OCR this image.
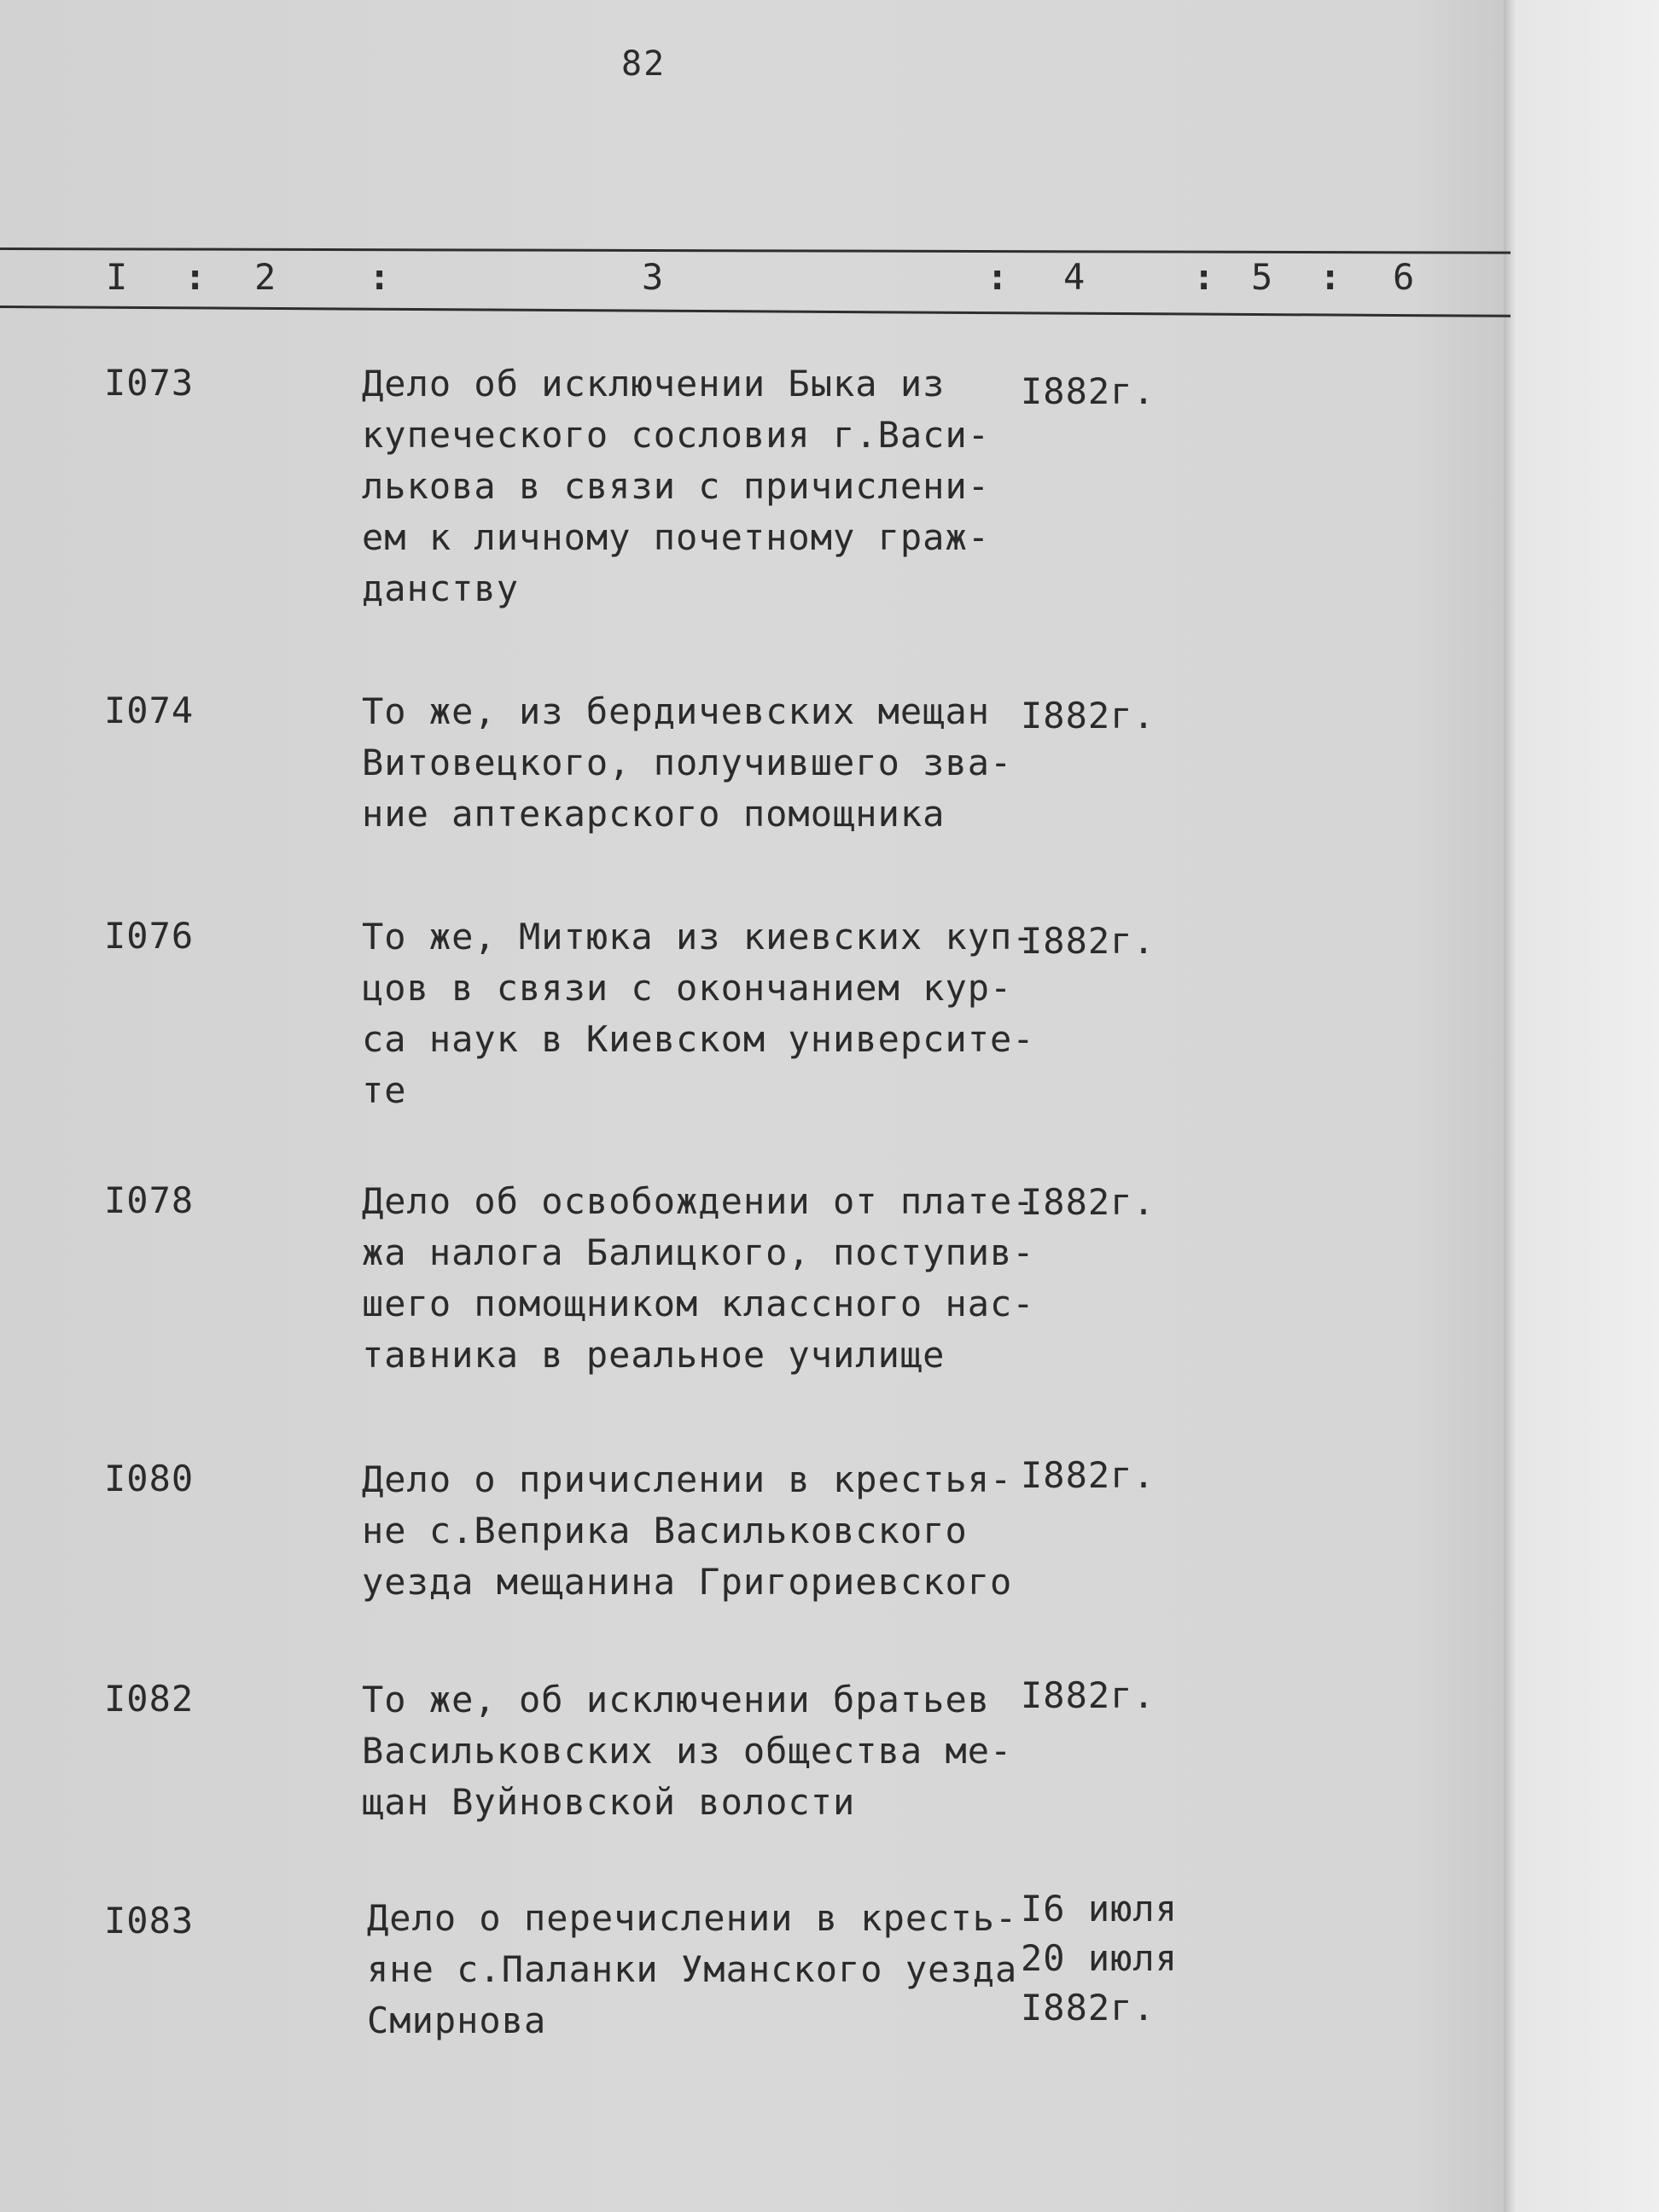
82
I : 2	:	3	: 4	: 5 : 6
I073	Дело об исключении Быка из
купеческого сословия г.Васи-
лькова в связи с причислени-
ем к личному почетному граж-
данству
I882г.
I074	То же, из бердичевских мещан
Витовецкого, получившего зва-
ние аптекарского помощника
I882г.
I076	То же, Митюка из киевских куп-
цов в связи с окончанием кур-
са наук в Киевском университе-
те
I882г.
I078	Дело об освобождении от плате-
жа налога Балицкого, поступив-
шего помощником классного нас-
тавника в реальное училище
I882г.
I080	Дело о причислении в крестья-
не с.Веприка Васильковского
уезда мещанина Григориевского
I882г.
I082	То же, об исключении братьев
Васильковских из общества ме-
щан Вуйновской волости
I882г.
I083	Дело о перечислении в кресть-
яне с.Паланки Уманского уезда
Смирнова
I6 июля
20 июля
I882г.
